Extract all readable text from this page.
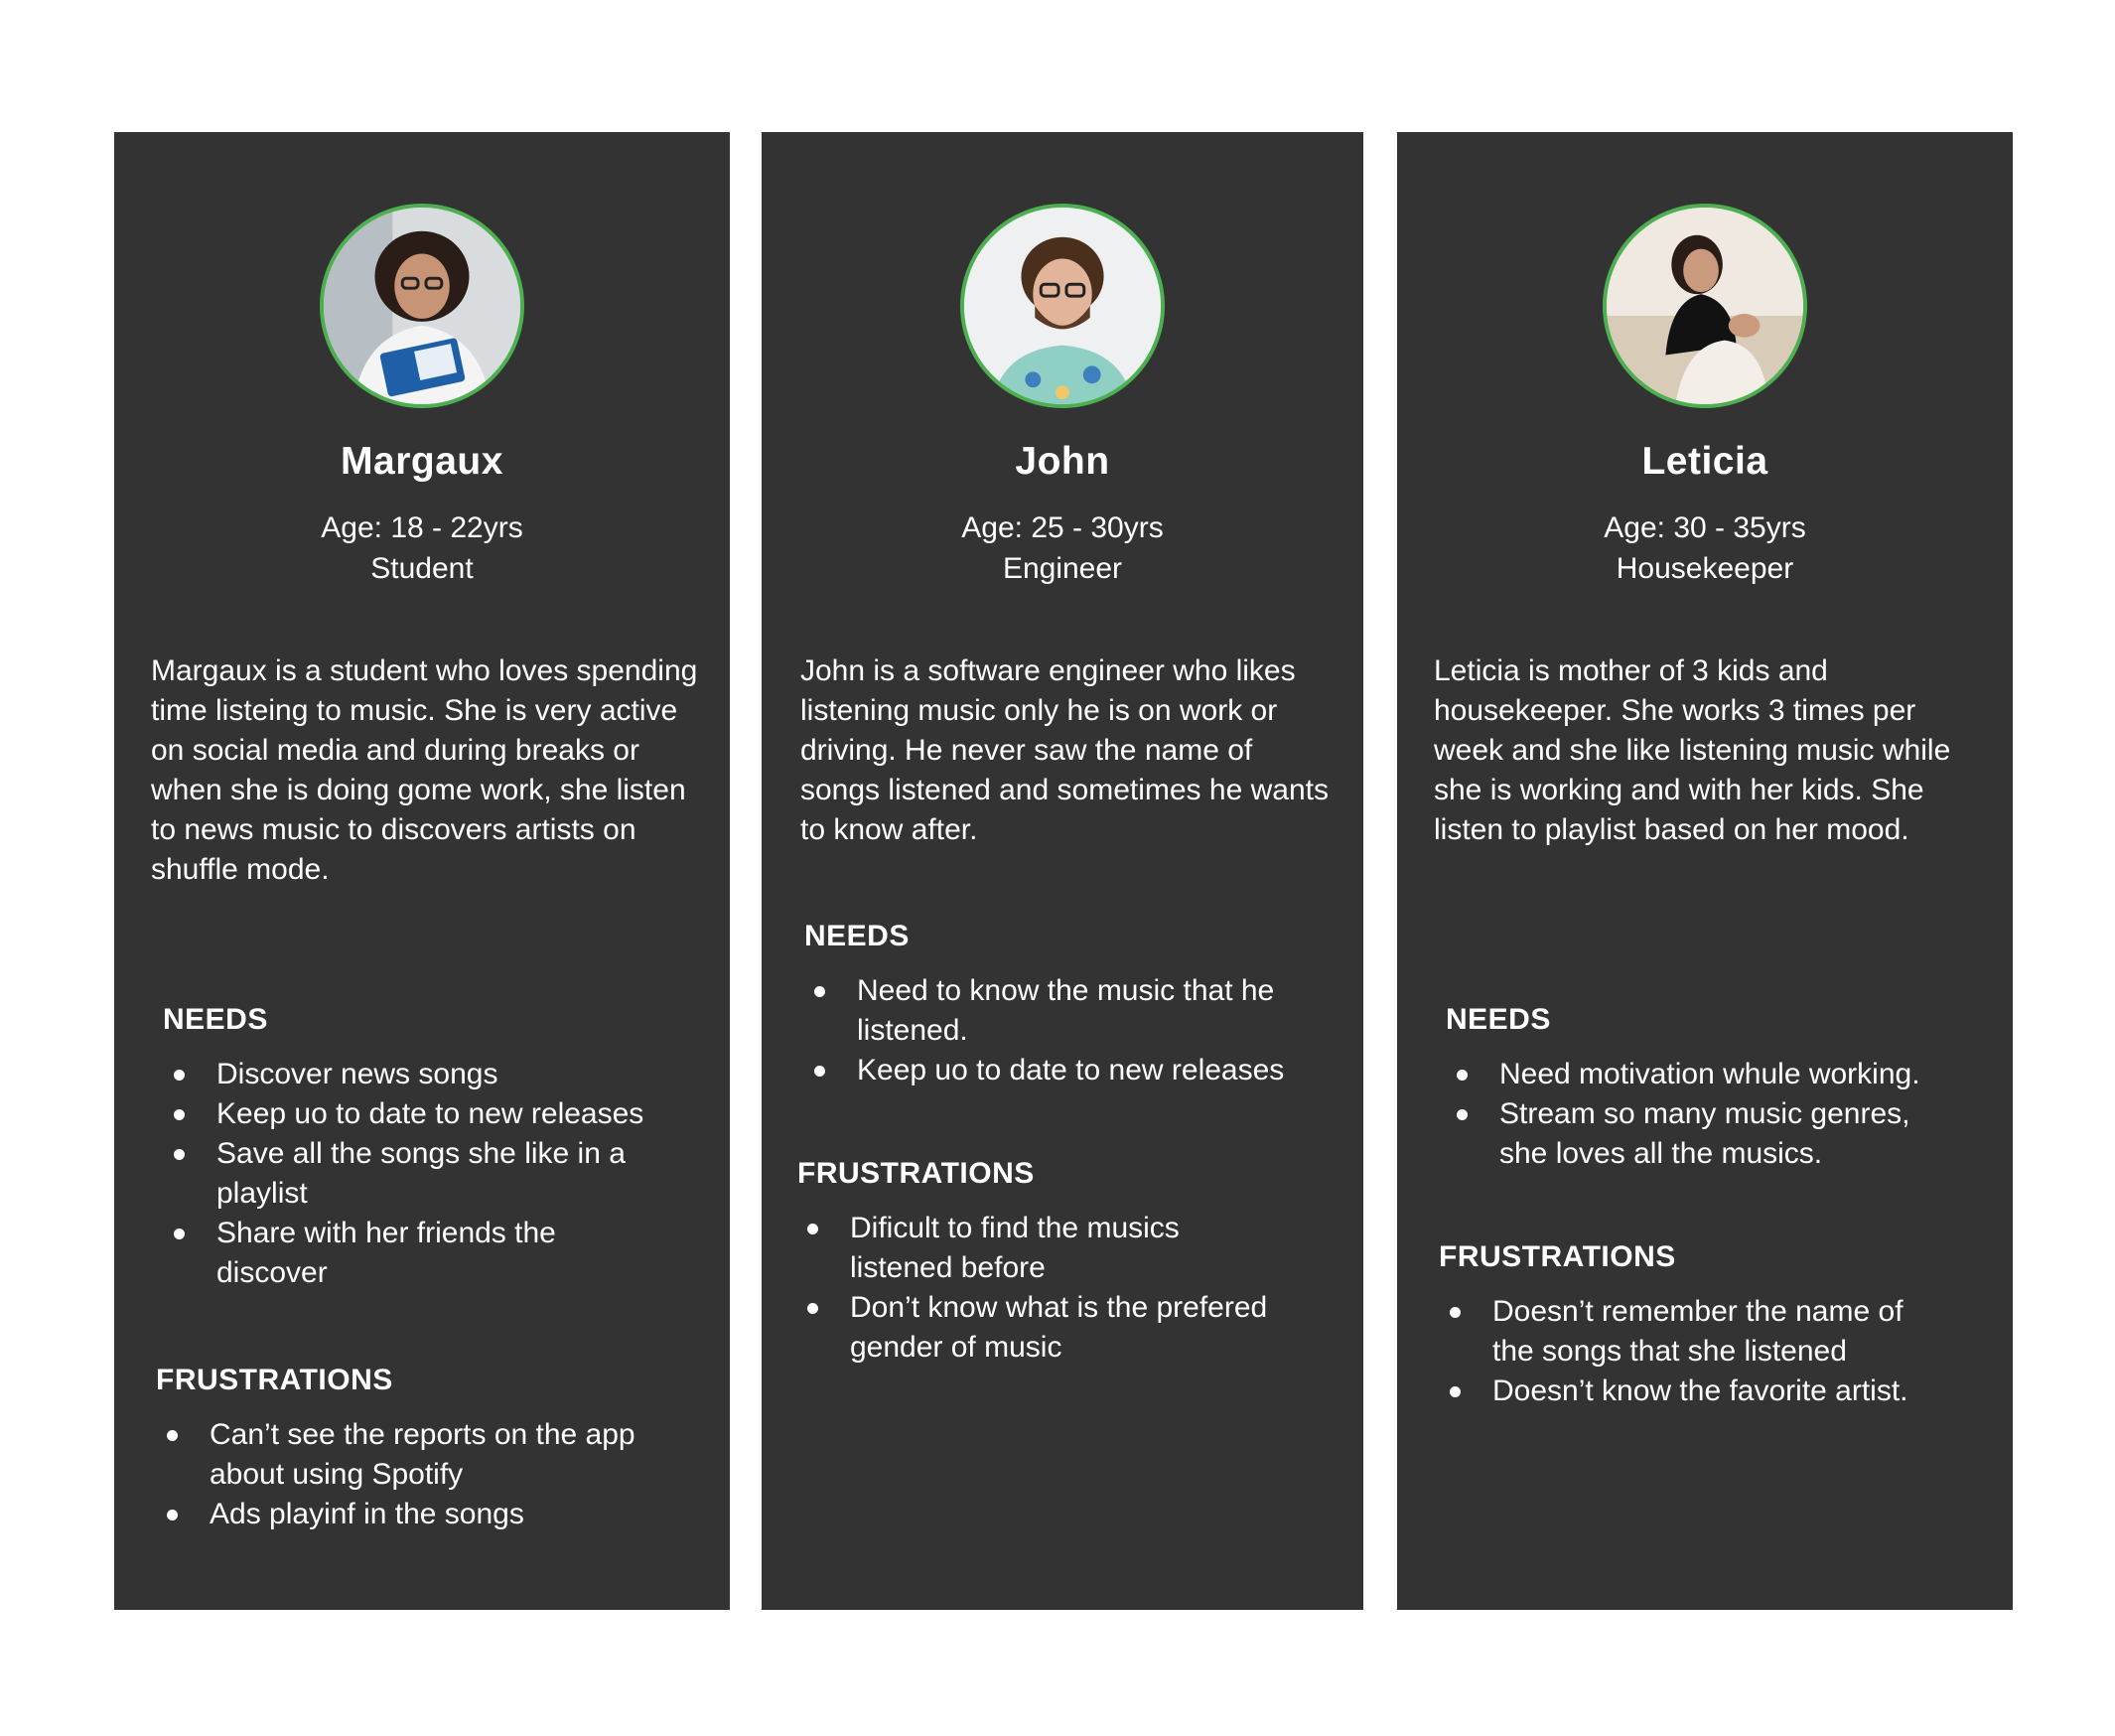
Margaux
Age: 18 - 22yrs
Student
Margaux is a student who loves spending time listeing to music. She is very active on social media and during breaks or when she is doing gome work, she listen to news music to discovers artists on shuffle mode.
NEEDS
Discover news songs
Keep uo to date to new releases
Save all the songs she like in a playlist
Share with her friends the discover
FRUSTRATIONS
Can’t see the reports on the app about using Spotify
Ads playinf in the songs
John
Age: 25 - 30yrs
Engineer
John is a software engineer who likes listening music only he is on work or driving. He never saw the name of songs listened and sometimes he wants to know after.
NEEDS
Need to know the music that he listened.
Keep uo to date to new releases
FRUSTRATIONS
Dificult to find the musics listened before
Don’t know what is the prefered gender of music
Leticia
Age: 30 - 35yrs
Housekeeper
Leticia is mother of 3 kids and housekeeper. She works 3 times per week and she like listening music while she is working and with her kids. She listen to playlist based on her mood.
NEEDS
Need motivation whule working.
Stream so many music genres, she loves all the musics.
FRUSTRATIONS
Doesn’t remember the name of the songs that she listened
Doesn’t know the favorite artist.
